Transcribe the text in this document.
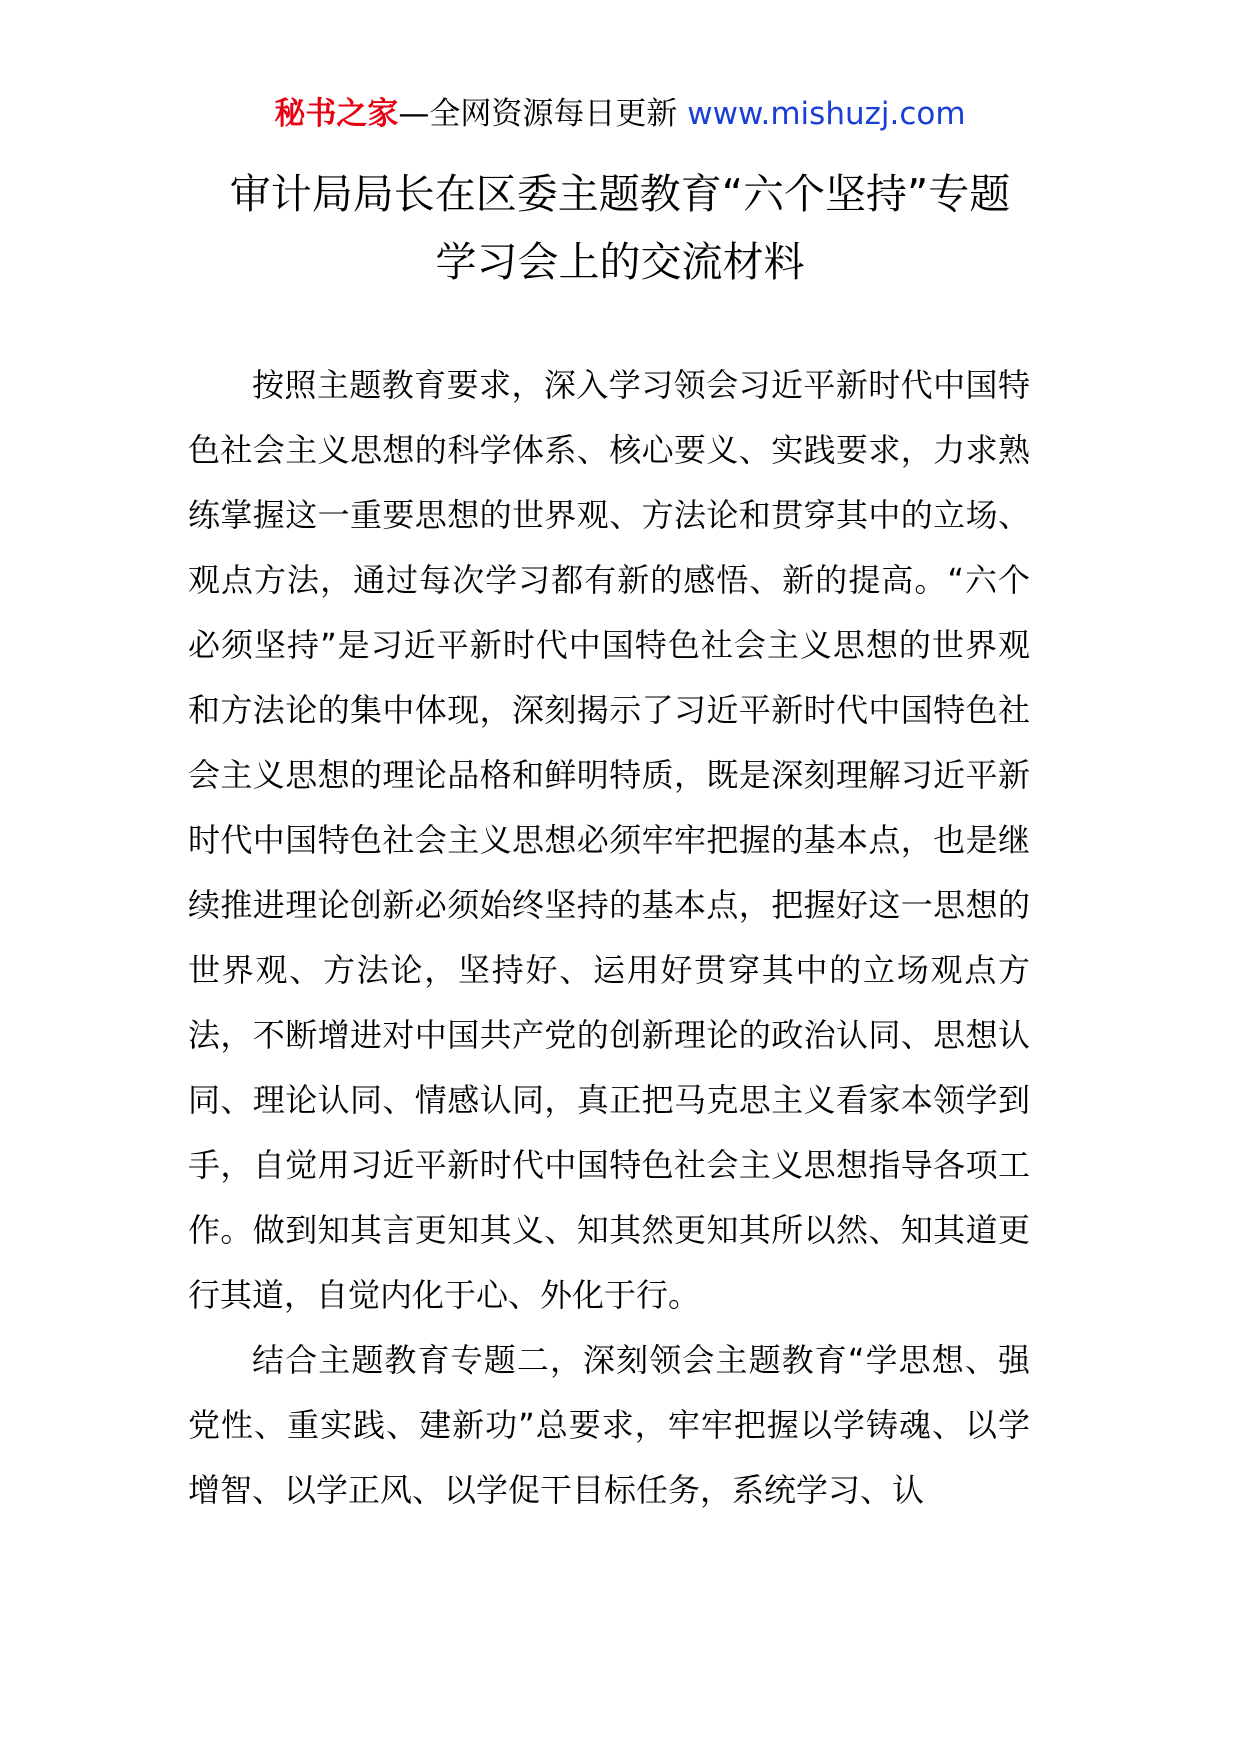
秘书之家—全网资源每日更新 www.mishuzj.com
审计局局长在区委主题教育“六个坚持”专题
学习会上的交流材料

按照主题教育要求，深入学习领会习近平新时代中国特色社会主义思想的科学体系、核心要义、实践要求，力求熟练掌握这一重要思想的世界观、方法论和贯穿其中的立场、观点方法，通过每次学习都有新的感悟、新的提高。“六个必须坚持”是习近平新时代中国特色社会主义思想的世界观和方法论的集中体现，深刻揭示了习近平新时代中国特色社会主义思想的理论品格和鲜明特质，既是深刻理解习近平新时代中国特色社会主义思想必须牢牢把握的基本点，也是继续推进理论创新必须始终坚持的基本点，把握好这一思想的世界观、方法论，坚持好、运用好贯穿其中的立场观点方法，不断增进对中国共产党的创新理论的政治认同、思想认同、理论认同、情感认同，真正把马克思主义看家本领学到手，自觉用习近平新时代中国特色社会主义思想指导各项工作。做到知其言更知其义、知其然更知其所以然、知其道更行其道，自觉内化于心、外化于行。

结合主题教育专题二，深刻领会主题教育“学思想、强党性、重实践、建新功”总要求，牢牢把握以学铸魂、以学增智、以学正风、以学促干目标任务，系统学习、认
